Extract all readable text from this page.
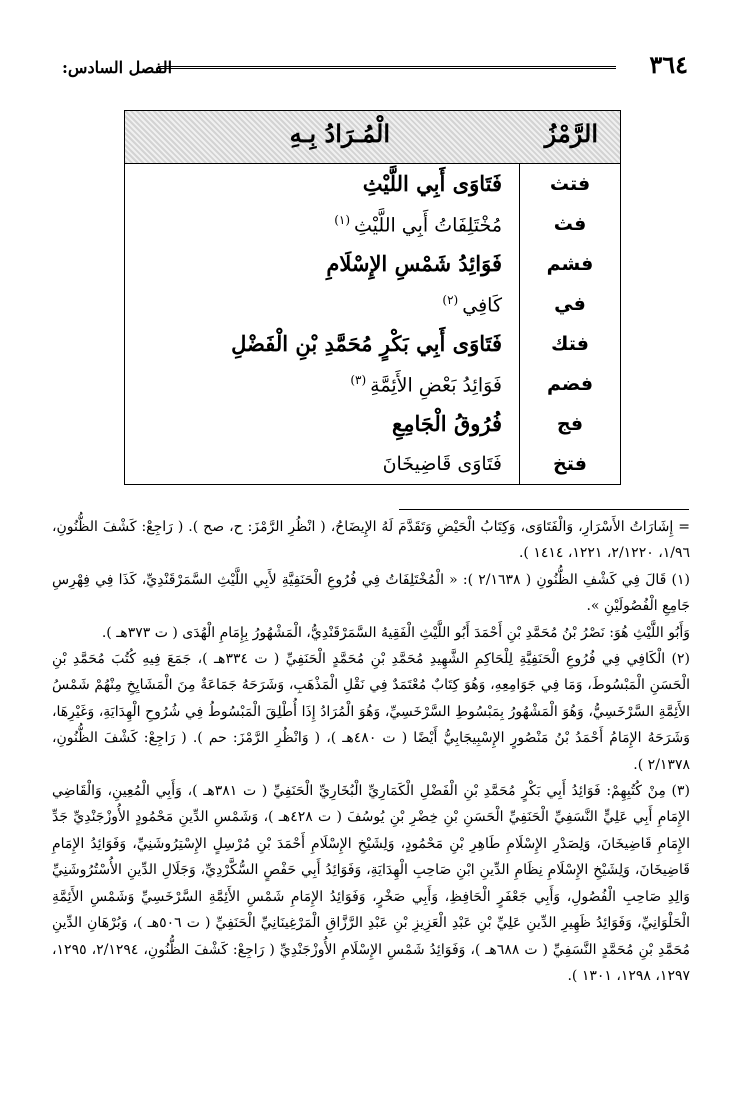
٣٦٤
الفصل السادس:
الرَّمْزُ
الْمُـرَادُ بِـهِ
فتث
فَتَاوَى أَبِي اللَّيْثِ
فث
مُخْتَلِفَاتُ أَبِي اللَّيْثِ$^{(١)}$
فشم
فَوَائِدُ شَمْسِ الإِسْلَامِ
في
كَافِي$^{(٢)}$
فتك
فَتَاوَى أَبِي بَكْرٍ مُحَمَّدِ بْنِ الْفَضْلِ
فضم
فَوَائِدُ بَعْضِ الأَئِمَّةِ$^{(٣)}$
فج
فُرُوقُ الْجَامِعِ
فتخ
فَتَاوَى قَاضِيخَانَ

= إِشَارَاتُ الأَسْرَارِ، وَالْفَتَاوَى، وَكِتَابُ الْحَيْضِ وَتَقَدَّمَ لَهُ الإِيضَاحُ، ( انْظُرِ الرَّمْزَ: ح، صح ). ( رَاجِعْ: كَشْفَ الظُّنُونِ، ١/٩٦، ٢/١٢٢٠، ١٢٢١، ١٤١٤ ).

(١) قَالَ فِي كَشْفِ الظُّنُونِ ( ٢/١٦٣٨ ): « الْمُخْتَلِفَاتُ فِي فُرُوعِ الْحَنَفِيَّةِ لأَبِي اللَّيْثِ السَّمَرْقَنْدِيِّ، كَذَا فِي فِهْرِسِ جَامِعِ الْفُصُولَيْنِ ».

وَأَبُو اللَّيْثِ هُوَ: نَصْرُ بْنُ مُحَمَّدِ بْنِ أَحْمَدَ أَبُو اللَّيْثِ الْفَقِيهُ السَّمَرْقَنْدِيُّ، الْمَشْهُورُ بِإِمَامِ الْهُدَى ( ت ٣٧٣هـ ).

(٢) الْكَافِي فِي فُرُوعِ الْحَنَفِيَّةِ لِلْحَاكِمِ الشَّهِيدِ مُحَمَّدِ بْنِ مُحَمَّدٍ الْحَنَفِيِّ ( ت ٣٣٤هـ )، جَمَعَ فِيهِ كُتُبَ مُحَمَّدِ بْنِ الْحَسَنِ الْمَبْسُوطَ، وَمَا فِي جَوَامِعِهِ، وَهُوَ كِتَابٌ مُعْتَمَدٌ فِي نَقْلِ الْمَذْهَبِ، وَشَرَحَهُ جَمَاعَةٌ مِنَ الْمَشَايِخِ مِنْهُمْ شَمْسُ الأَئِمَّةِ السَّرْخَسِيُّ، وَهُوَ الْمَشْهُورُ بِمَبْسُوطِ السَّرْخَسِيِّ، وَهُوَ الْمُرَادُ إِذَا أُطْلِقَ الْمَبْسُوطُ فِي شُرُوحِ الْهِدَايَةِ، وَغَيْرِهَا، وَشَرَحَهُ الإِمَامُ أَحْمَدُ بْنُ مَنْصُورٍ الإِسْبِيجَابِيُّ أَيْضًا ( ت ٤٨٠هـ )، ( وَانْظُرِ الرَّمْزَ: حم ). ( رَاجِعْ: كَشْفَ الظُّنُونِ، ٢/١٣٧٨ ).

(٣) مِنْ كُتُبِهِمْ: فَوَائِدُ أَبِي بَكْرٍ مُحَمَّدِ بْنِ الْفَضْلِ الْكَمَارِيِّ الْبُخَارِيِّ الْحَنَفِيِّ ( ت ٣٨١هـ )، وَأَبِي الْمُعِينِ، وَالْقَاضِي الإِمَامِ أَبِي عَلِيٍّ النَّسَفِيِّ الْحَنَفِيِّ الْحَسَنِ بْنِ خِضْرِ بْنِ يُوسُفَ ( ت ٤٢٨هـ )، وَشَمْسِ الدِّينِ مَحْمُودٍ الأُوزْجَنْدِيِّ جَدِّ الإِمَامِ قَاضِيخَانَ، وَلِصَدْرِ الإِسْلَامِ طَاهِرِ بْنِ مَحْمُودٍ، وَلِشَيْخِ الإِسْلَامِ أَحْمَدَ بْنِ مُرْسِلٍ الإِسْتِرُوشَنِيِّ، وَفَوَائِدُ الإِمَامِ قَاضِيخَانَ، وَلِشَيْخِ الإِسْلَامِ نِظَامِ الدِّينِ ابْنِ صَاحِبِ الْهِدَايَةِ، وَفَوَائِدُ أَبِي حَفْصٍ السُّكَّرْدِيِّ، وَجَلَالِ الدِّينِ الأُسْتُرُوشَنِيِّ وَالِدِ صَاحِبِ الْفُصُولِ، وَأَبِي جَعْفَرٍ الْحَافِظِ، وَأَبِي صَخْرٍ، وَفَوَائِدُ الإِمَامِ شَمْسِ الأَئِمَّةِ السَّرْخَسِيِّ وَشَمْسِ الأَئِمَّةِ الْحَلْوَانِيِّ، وَفَوَائِدُ ظَهِيرِ الدِّينِ عَلِيِّ بْنِ عَبْدِ الْعَزِيزِ بْنِ عَبْدِ الرَّزَّاقِ الْمَرْغِينَانِيِّ الْحَنَفِيِّ ( ت ٥٠٦هـ )، وَبُرْهَانِ الدِّينِ مُحَمَّدِ بْنِ مُحَمَّدٍ النَّسَفِيِّ ( ت ٦٨٨هـ )، وَفَوَائِدُ شَمْسِ الإِسْلَامِ الأُوزْجَنْدِيِّ ( رَاجِعْ: كَشْفَ الظُّنُونِ، ٢/١٢٩٤، ١٢٩٥، ١٢٩٧، ١٢٩٨، ١٣٠١ ).
